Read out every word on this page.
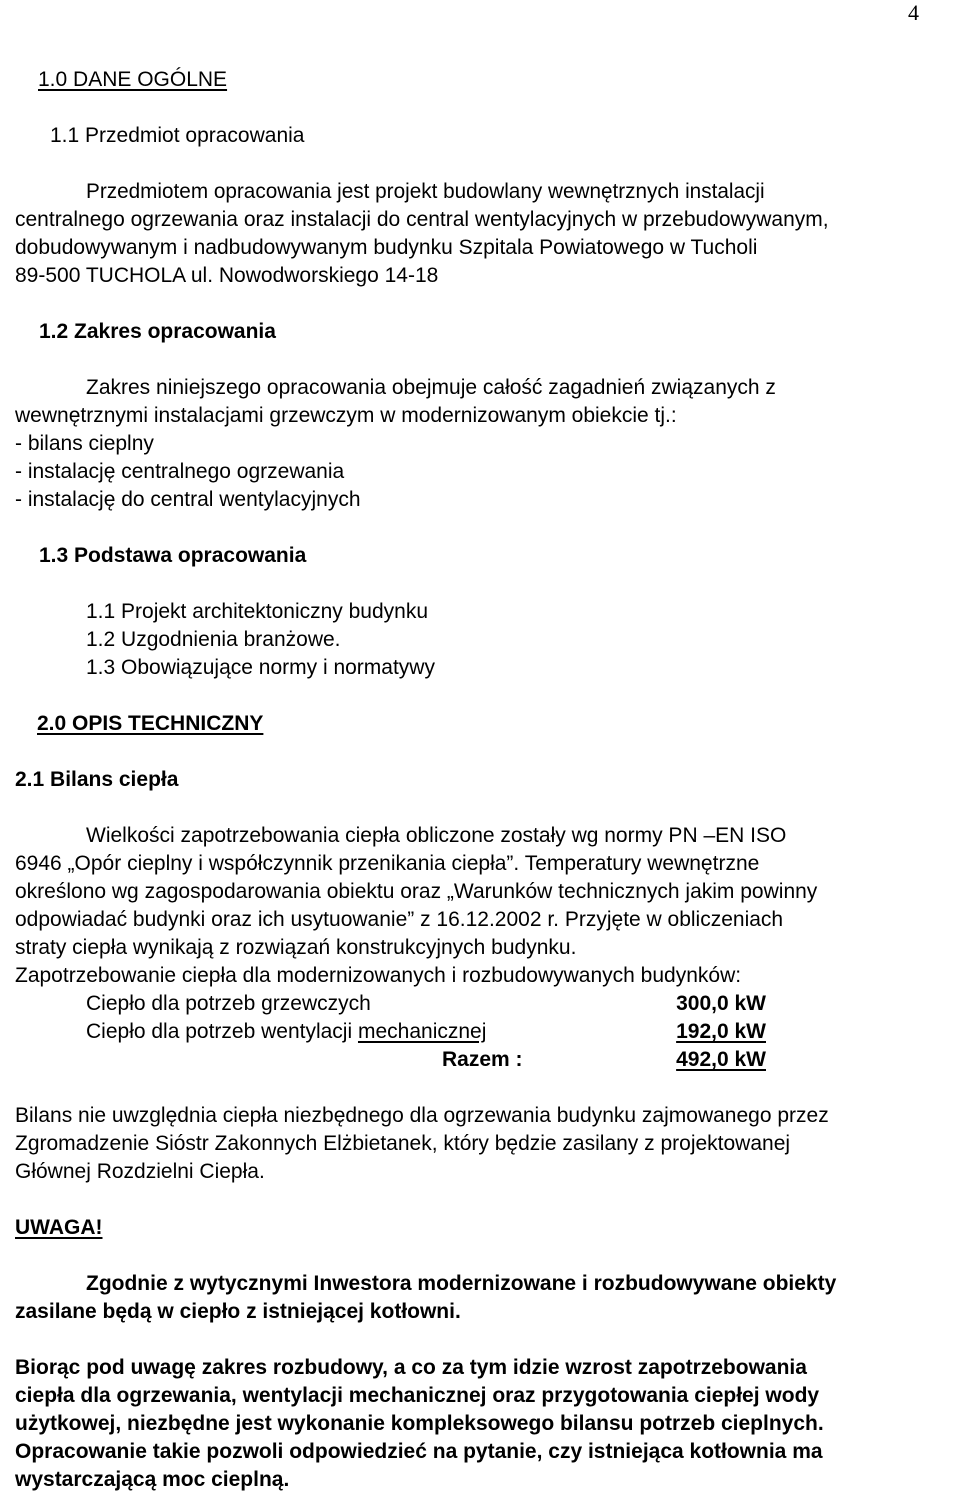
4
1.0 DANE OGÓLNE
1.1 Przedmiot opracowania
Przedmiotem opracowania jest projekt budowlany wewnętrznych instalacji
centralnego ogrzewania oraz instalacji do central wentylacyjnych w przebudowywanym,
dobudowywanym i nadbudowywanym budynku Szpitala Powiatowego w Tucholi
89-500 TUCHOLA ul. Nowodworskiego 14-18
1.2 Zakres opracowania
Zakres niniejszego opracowania obejmuje całość zagadnień związanych z
wewnętrznymi instalacjami grzewczym w modernizowanym obiekcie tj.:
- bilans cieplny
- instalację centralnego ogrzewania
- instalację do central wentylacyjnych
1.3 Podstawa opracowania
1.1 Projekt architektoniczny budynku
1.2 Uzgodnienia branżowe.
1.3 Obowiązujące normy i normatywy
2.0 OPIS TECHNICZNY
2.1 Bilans ciepła
Wielkości zapotrzebowania ciepła obliczone zostały wg normy PN –EN ISO
6946 „Opór cieplny i współczynnik przenikania ciepła”. Temperatury wewnętrzne
określono wg zagospodarowania obiektu oraz „Warunków technicznych jakim powinny
odpowiadać budynki oraz ich usytuowanie” z 16.12.2002 r. Przyjęte w obliczeniach
straty ciepła wynikają z rozwiązań konstrukcyjnych budynku.
Zapotrzebowanie ciepła dla modernizowanych i rozbudowywanych budynków:
Ciepło dla potrzeb grzewczych	300,0 kW
Ciepło dla potrzeb wentylacji mechanicznej	192,0 kW
Razem :	492,0 kW
Bilans nie uwzględnia ciepła niezbędnego dla ogrzewania budynku zajmowanego przez
Zgromadzenie Sióstr Zakonnych Elżbietanek, który będzie zasilany z projektowanej
Głównej Rozdzielni Ciepła.
UWAGA!
Zgodnie z wytycznymi Inwestora modernizowane i rozbudowywane obiekty
zasilane będą w ciepło z istniejącej kotłowni.
Biorąc pod uwagę zakres rozbudowy, a co za tym idzie wzrost zapotrzebowania
ciepła dla ogrzewania, wentylacji mechanicznej oraz przygotowania ciepłej wody
użytkowej, niezbędne jest wykonanie kompleksowego bilansu potrzeb cieplnych.
Opracowanie takie pozwoli odpowiedzieć na pytanie, czy istniejąca kotłownia ma
wystarczającą moc cieplną.
